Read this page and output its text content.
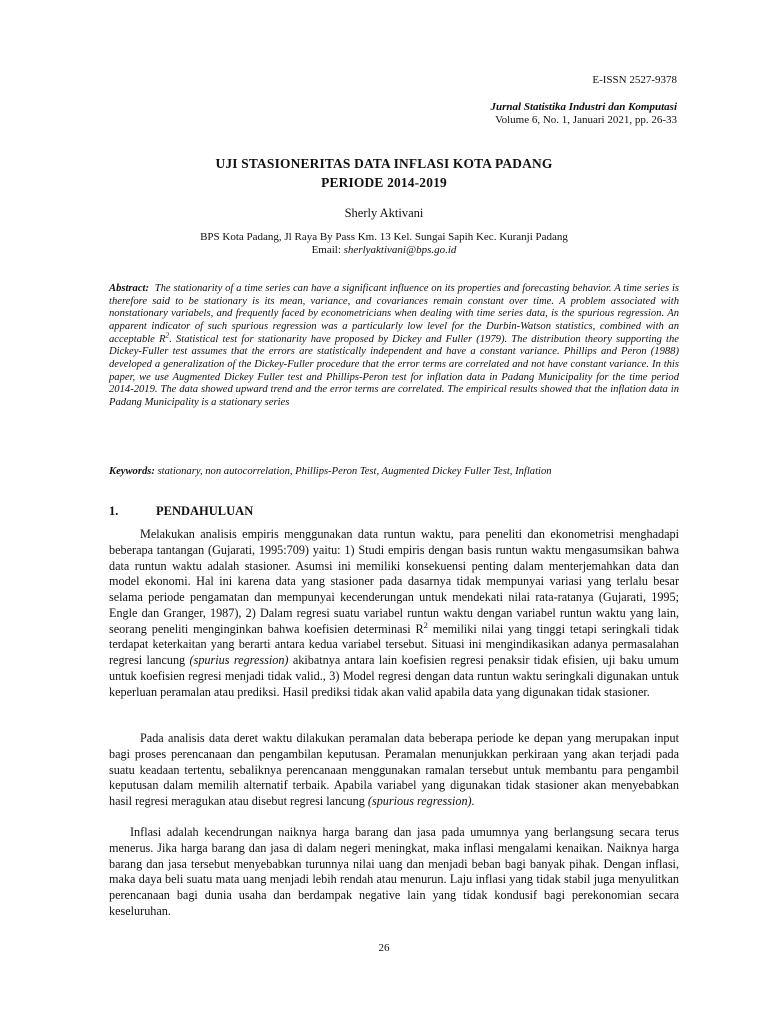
E-ISSN 2527-9378
Jurnal Statistika Industri dan Komputasi
Volume 6, No. 1, Januari 2021, pp. 26-33
UJI STASIONERITAS DATA INFLASI KOTA PADANG
PERIODE 2014-2019
Sherly Aktivani
BPS Kota Padang, Jl Raya By Pass Km. 13 Kel. Sungai Sapih Kec. Kuranji Padang
Email: sherlyaktivani@bps.go.id

Abstract: The stationarity of a time series can have a significant influence on its properties and forecasting behavior. A time series is therefore said to be stationary is its mean, variance, and covariances remain constant over time. A problem associated with nonstationary variabels, and frequently faced by econometricians when dealing with time series data, is the spurious regression. An apparent indicator of such spurious regression was a particularly low level for the Durbin-Watson statistics, combined with an acceptable $R^2$. Statistical test for stationarity have proposed by Dickey and Fuller (1979). The distribution theory supporting the Dickey-Fuller test assumes that the errors are statistically independent and have a constant variance. Phillips and Peron (1988) developed a generalization of the Dickey-Fuller procedure that the error terms are correlated and not have constant variance. In this paper, we use Augmented Dickey Fuller test and Phillips-Peron test for inflation data in Padang Municipality for the time period 2014-2019. The data showed upward trend and the error terms are correlated. The empirical results showed that the inflation data in Padang Municipality is a stationary series

Keywords: stationary, non autocorrelation, Phillips-Peron Test, Augmented Dickey Fuller Test, Inflation

1.	PENDAHULUAN

Melakukan analisis empiris menggunakan data runtun waktu, para peneliti dan ekonometrisi menghadapi beberapa tantangan (Gujarati, 1995:709) yaitu: 1) Studi empiris dengan basis runtun waktu mengasumsikan bahwa data runtun waktu adalah stasioner. Asumsi ini memiliki konsekuensi penting dalam menterjemahkan data dan model ekonomi. Hal ini karena data yang stasioner pada dasarnya tidak mempunyai variasi yang terlalu besar selama periode pengamatan dan mempunyai kecenderungan untuk mendekati nilai rata-ratanya (Gujarati, 1995; Engle dan Granger, 1987), 2) Dalam regresi suatu variabel runtun waktu dengan variabel runtun waktu yang lain, seorang peneliti menginginkan bahwa koefisien determinasi $R^2$ memiliki nilai yang tinggi tetapi seringkali tidak terdapat keterkaitan yang berarti antara kedua variabel tersebut. Situasi ini mengindikasikan adanya permasalahan regresi lancung (spurius regression) akibatnya antara lain koefisien regresi penaksir tidak efisien, uji baku umum untuk koefisien regresi menjadi tidak valid., 3) Model regresi dengan data runtun waktu seringkali digunakan untuk keperluan peramalan atau prediksi. Hasil prediksi tidak akan valid apabila data yang digunakan tidak stasioner.

Pada analisis data deret waktu dilakukan peramalan data beberapa periode ke depan yang merupakan input bagi proses perencanaan dan pengambilan keputusan. Peramalan menunjukkan perkiraan yang akan terjadi pada suatu keadaan tertentu, sebaliknya perencanaan menggunakan ramalan tersebut untuk membantu para pengambil keputusan dalam memilih alternatif terbaik. Apabila variabel yang digunakan tidak stasioner akan menyebabkan hasil regresi meragukan atau disebut regresi lancung (spurious regression).

Inflasi adalah kecendrungan naiknya harga barang dan jasa pada umumnya yang berlangsung secara terus menerus. Jika harga barang dan jasa di dalam negeri meningkat, maka inflasi mengalami kenaikan. Naiknya harga barang dan jasa tersebut menyebabkan turunnya nilai uang dan menjadi beban bagi banyak pihak. Dengan inflasi, maka daya beli suatu mata uang menjadi lebih rendah atau menurun. Laju inflasi yang tidak stabil juga menyulitkan perencanaan bagi dunia usaha dan berdampak negative lain yang tidak kondusif bagi perekonomian secara keseluruhan.

26
